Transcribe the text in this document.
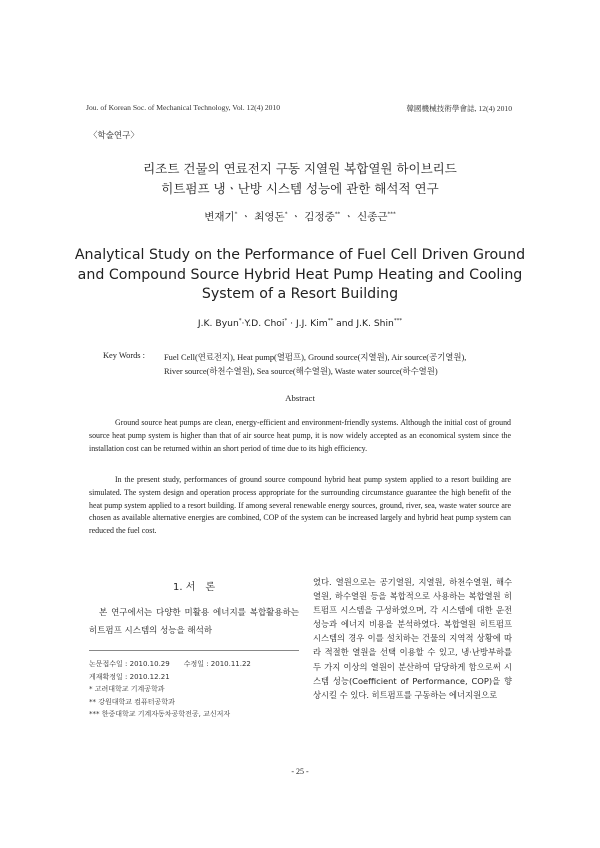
Jou. of Korean Soc. of Mechanical Technology, Vol. 12(4) 2010	韓國機械技術學會誌, 12(4) 2010
〈학술연구〉
리조트 건물의 연료전지 구동 지열원 복합열원 하이브리드
히트펌프 냉ㆍ난방 시스템 성능에 관한 해석적 연구
변재기* ㆍ 최영돈* ㆍ 김정중** ㆍ 신종근***
Analytical Study on the Performance of Fuel Cell Driven Ground
and Compound Source Hybrid Heat Pump Heating and Cooling
System of a Resort Building
J.K. Byun*·Y.D. Choi* · J.J. Kim** and J.K. Shin***
Key Words : Fuel Cell(연료전지), Heat pump(열펌프), Ground source(지열원), Air source(공기열원),
River source(하천수열원), Sea source(해수열원), Waste water source(하수열원)
Abstract
Ground source heat pumps are clean, energy-efficient and environment-friendly systems. Although the initial cost of ground source heat pump system is higher than that of air source heat pump, it is now widely accepted as an economical system since the installation cost can be returned within an short period of time due to its high efficiency.
In the present study, performances of ground source compound hybrid heat pump system applied to a resort building are simulated. The system design and operation process appropriate for the surrounding circumstance guarantee the high benefit of the heat pump system applied to a resort building. If among several renewable energy sources, ground, river, sea, waste water source are chosen as available alternative energies are combined, COP of the system can be increased largely and hybrid heat pump system can reduced the fuel cost.
1. 서　론
본 연구에서는 다양한 미활용 에너지를 복합활용하는 히트펌프 시스템의 성능을 해석하
논문접수일 : 2010.10.29　　수정일 : 2010.11.22
게재확정일 : 2010.12.21
* 고려대학교 기계공학과
** 강원대학교 컴퓨터공학과
*** 한중대학교 기계자동차공학전공, 교신저자
였다. 열원으로는 공기열원, 지열원, 하천수열원, 해수열원, 하수열원 등을 복합적으로 사용하는 복합열원 히트펌프 시스템을 구성하였으며, 각 시스템에 대한 운전성능과 에너지 비용을 분석하였다. 복합열원 히트펌프 시스템의 경우 이를 설치하는 건물의 지역적 상황에 따라 적절한 열원을 선택 이용할 수 있고, 냉·난방부하를 두 가지 이상의 열원이 분산하여 담당하게 함으로써 시스템 성능(Coefficient of Performance, COP)을 향상시킬 수 있다. 히트펌프를 구동하는 에너지원으로
- 25 -
